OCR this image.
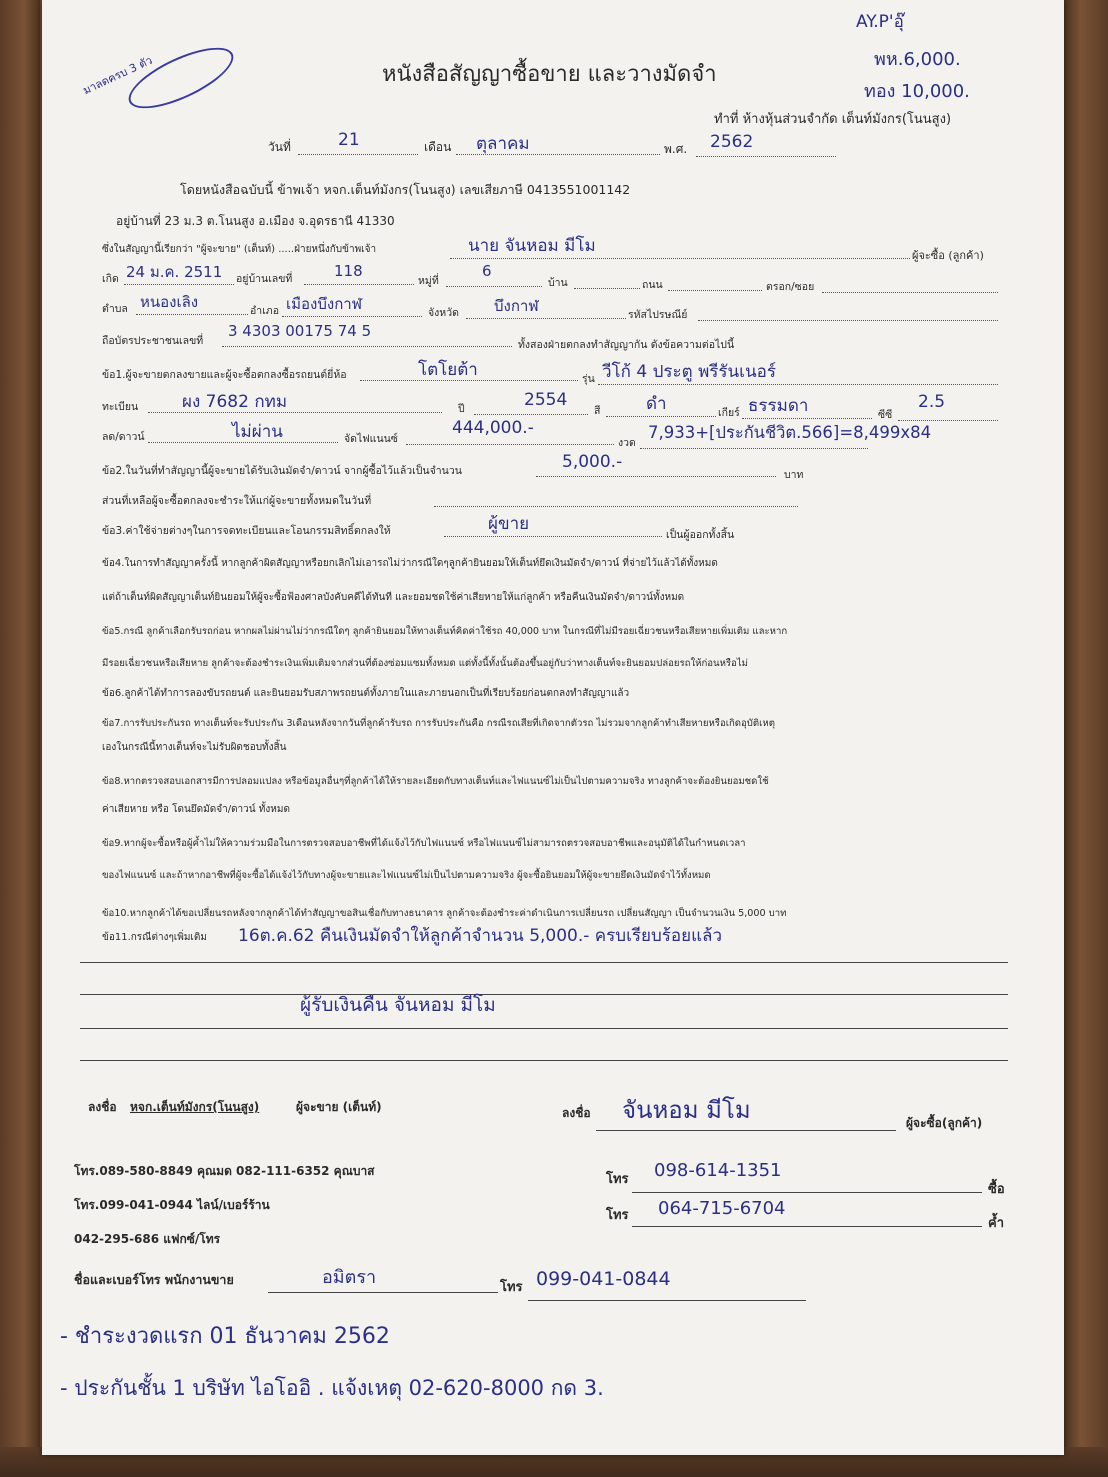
มาลดครบ 3 ตัว
AY.P'อุ๊
พห.6,000.
ทอง 10,000.
หนังสือสัญญาซื้อขาย และวางมัดจำ
ทำที่ ห้างหุ้นส่วนจำกัด เต็นท์มังกร(โนนสูง)
วันที่	21	เดือน ตุลาคม	พ.ศ. 2562
โดยหนังสือฉบับนี้ ข้าพเจ้า หจก.เต็นท์มังกร(โนนสูง) เลขเสียภาษี 0413551001142
อยู่บ้านที่ 23 ม.3 ต.โนนสูง อ.เมือง จ.อุดรธานี 41330
ซึ่งในสัญญานี้เรียกว่า "ผู้จะขาย" (เต็นท์) .....ฝ่ายหนึ่งกับข้าพเจ้า	นาย จันหอม มีโม	ผู้จะซื้อ (ลูกค้า)
เกิด 24 ม.ค. 2511 อยู่บ้านเลขที่	118
หมู่ที่
6
บ้าน	ถนน	ตรอก/ซอย
ตำบล หนองเลิง	อำเภอ เมืองบึงกาฬ	จังหวัด บึงกาฬ	รหัสไปรษณีย์
ถือบัตรประชาชนเลขที่
3 4303 00175 74 5
ทั้งสองฝ่ายตกลงทำสัญญากัน ดังข้อความต่อไปนี้
ข้อ1.ผู้จะขายตกลงขายและผู้จะซื้อตกลงซื้อรถยนต์ยี่ห้อ	โตโยต้า	รุ่น วีโก้ 4 ประตู พรีรันเนอร์
ทะเบียน	ผง 7682 กทม	ปี	2554
สี	ดำ	เกียร์ ธรรมดา	ซีซี
2.5
ลด/ดาวน์	ไม่ผ่าน	จัดไฟแนนซ์
444,000.-
งวด
7,933+[ประกันชีวิต.566]=8,499x84
ข้อ2.ในวันที่ทำสัญญานี้ผู้จะขายได้รับเงินมัดจำ/ดาวน์ จากผู้ซื้อไว้แล้วเป็นจำนวน	5,000.-
บาท
ส่วนที่เหลือผู้จะซื้อตกลงจะชำระให้แก่ผู้จะขายทั้งหมดในวันที่
ข้อ3.ค่าใช้จ่ายต่างๆในการจดทะเบียนและโอนกรรมสิทธิ์ตกลงให้	ผู้ขาย
เป็นผู้ออกทั้งสิ้น
ข้อ4.ในการทำสัญญาครั้งนี้ หากลูกค้าผิดสัญญาหรือยกเลิกไม่เอารถไม่ว่ากรณีใดๆลูกค้ายินยอมให้เต็นท์ยึดเงินมัดจำ/ดาวน์ ที่จ่ายไว้แล้วได้ทั้งหมด
แต่ถ้าเต็นท์ผิดสัญญาเต็นท์ยินยอมให้ผู้จะซื้อฟ้องศาลบังคับคดีได้ทันที และยอมชดใช้ค่าเสียหายให้แก่ลูกค้า หรือคืนเงินมัดจำ/ดาวน์ทั้งหมด
ข้อ5.กรณี ลูกค้าเลือกรับรถก่อน หากผลไม่ผ่านไม่ว่ากรณีใดๆ ลูกค้ายินยอมให้ทางเต็นท์คิดค่าใช้รถ 40,000 บาท ในกรณีที่ไม่มีรอยเฉี่ยวชนหรือเสียหายเพิ่มเติม และหาก
มีรอยเฉี่ยวชนหรือเสียหาย ลูกค้าจะต้องชำระเงินเพิ่มเติมจากส่วนที่ต้องซ่อมแซมทั้งหมด แต่ทั้งนี้ทั้งนั้นต้องขึ้นอยู่กับว่าทางเต็นท์จะยินยอมปล่อยรถให้ก่อนหรือไม่
ข้อ6.ลูกค้าได้ทำการลองขับรถยนต์ และยินยอมรับสภาพรถยนต์ทั้งภายในและภายนอกเป็นที่เรียบร้อยก่อนตกลงทำสัญญาแล้ว
ข้อ7.การรับประกันรถ ทางเต็นท์จะรับประกัน 3เดือนหลังจากวันที่ลูกค้ารับรถ การรับประกันคือ กรณีรถเสียที่เกิดจากตัวรถ ไม่รวมจากลูกค้าทำเสียหายหรือเกิดอุบัติเหตุ
เองในกรณีนี้ทางเต็นท์จะไม่รับผิดชอบทั้งสิ้น
ข้อ8.หากตรวจสอบเอกสารมีการปลอมแปลง หรือข้อมูลอื่นๆที่ลูกค้าได้ให้รายละเอียดกับทางเต็นท์และไฟแนนซ์ไม่เป็นไปตามความจริง ทางลูกค้าจะต้องยินยอมชดใช้
ค่าเสียหาย หรือ โดนยึดมัดจำ/ดาวน์ ทั้งหมด
ข้อ9.หากผู้จะซื้อหรือผู้ค้ำไม่ให้ความร่วมมือในการตรวจสอบอาชีพที่ได้แจ้งไว้กับไฟแนนซ์ หรือไฟแนนซ์ไม่สามารถตรวจสอบอาชีพและอนุมัติได้ในกำหนดเวลา
ของไฟแนนซ์ และถ้าหากอาชีพที่ผู้จะซื้อได้แจ้งไว้กับทางผู้จะขายและไฟแนนซ์ไม่เป็นไปตามความจริง ผู้จะซื้อยินยอมให้ผู้จะขายยึดเงินมัดจำไว้ทั้งหมด
ข้อ10.หากลูกค้าได้ขอเปลี่ยนรถหลังจากลูกค้าได้ทำสัญญาขอสินเชื่อกับทางธนาคาร ลูกค้าจะต้องชำระค่าดำเนินการเปลี่ยนรถ เปลี่ยนสัญญา เป็นจำนวนเงิน 5,000 บาท
ข้อ11.กรณีต่างๆเพิ่มเติม 16ต.ค.62 คืนเงินมัดจำให้ลูกค้าจำนวน 5,000.- ครบเรียบร้อยแล้ว
ผู้รับเงินคืน จันหอม มีโม
ลงชื่อ หจก.เต็นท์มังกร(โนนสูง)	ผู้จะขาย (เต็นท์)	ลงชื่อ จันหอม มีโม	ผู้จะซื้อ(ลูกค้า)
โทร.089-580-8849 คุณมด 082-111-6352 คุณบาส
โทร.099-041-0944 ไลน์/เบอร์ร้าน
042-295-686 แฟกซ์/โทร
โทร 098-614-1351
ซื้อ
โทร 064-715-6704
ค้ำ
ชื่อและเบอร์โทร พนักงานขาย	อมิตรา	โทร 099-041-0844
- ชำระงวดแรก 01 ธันวาคม 2562
- ประกันชั้น 1 บริษัท ไอโออิ . แจ้งเหตุ 02-620-8000 กด 3.
